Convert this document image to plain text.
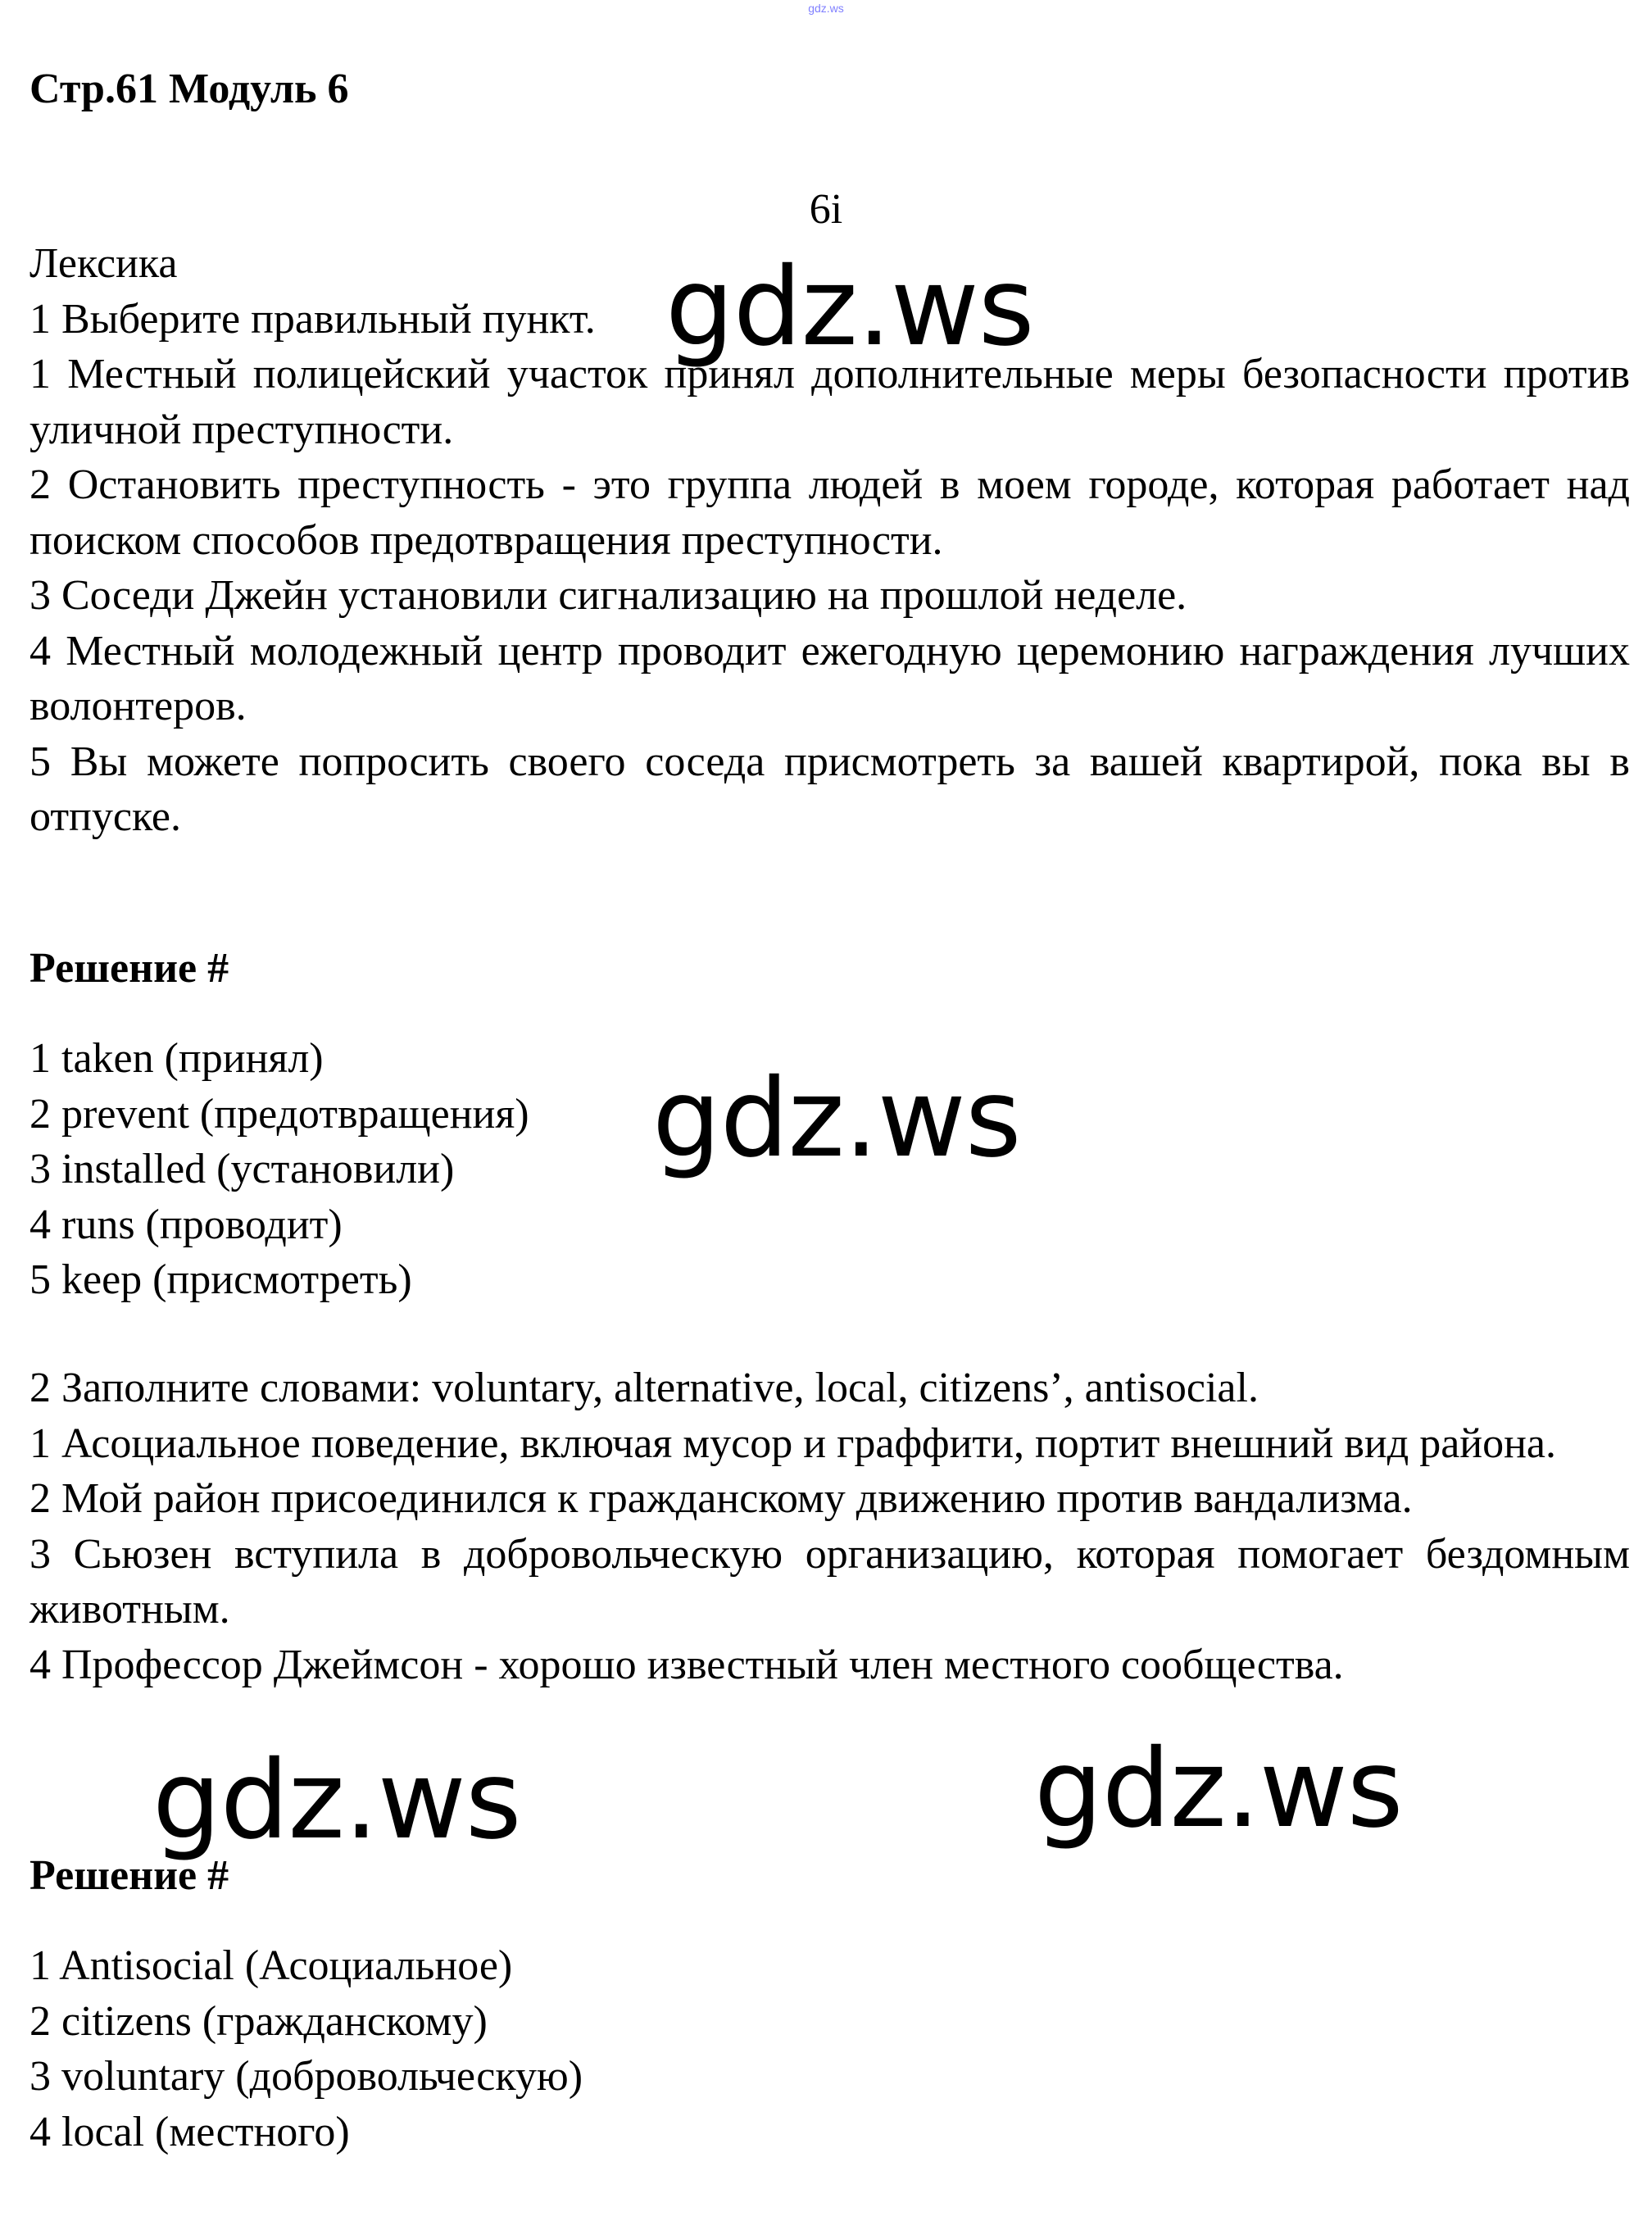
gdz.ws
Стр.61 Модуль 6
6i
Лексика
1 Выберите правильный пункт.
1 Местный полицейский участок принял дополнительные меры безопасности против уличной преступности.
2 Остановить преступность - это группа людей в моем городе, которая работает над поиском способов предотвращения преступности.
3 Соседи Джейн установили сигнализацию на прошлой неделе.
4 Местный молодежный центр проводит ежегодную церемонию награждения лучших волонтеров.
5 Вы можете попросить своего соседа присмотреть за вашей квартирой, пока вы в отпуске.
Решение #
1 taken (принял)
2 prevent (предотвращения)
3 installed (установили)
4 runs (проводит)
5 keep (присмотреть)
2 Заполните словами: voluntary, alternative, local, citizens’, antisocial.
1 Асоциальное поведение, включая мусор и граффити, портит внешний вид района.
2 Мой район присоединился к гражданскому движению против вандализма.
3 Сьюзен вступила в добровольческую организацию, которая помогает бездомным животным.
4 Профессор Джеймсон - хорошо известный член местного сообщества.
Решение #
1 Antisocial (Асоциальное)
2 citizens (гражданскому)
3 voluntary (добровольческую)
4 local (местного)
gdz.ws
gdz.ws
gdz.ws	gdz.ws
